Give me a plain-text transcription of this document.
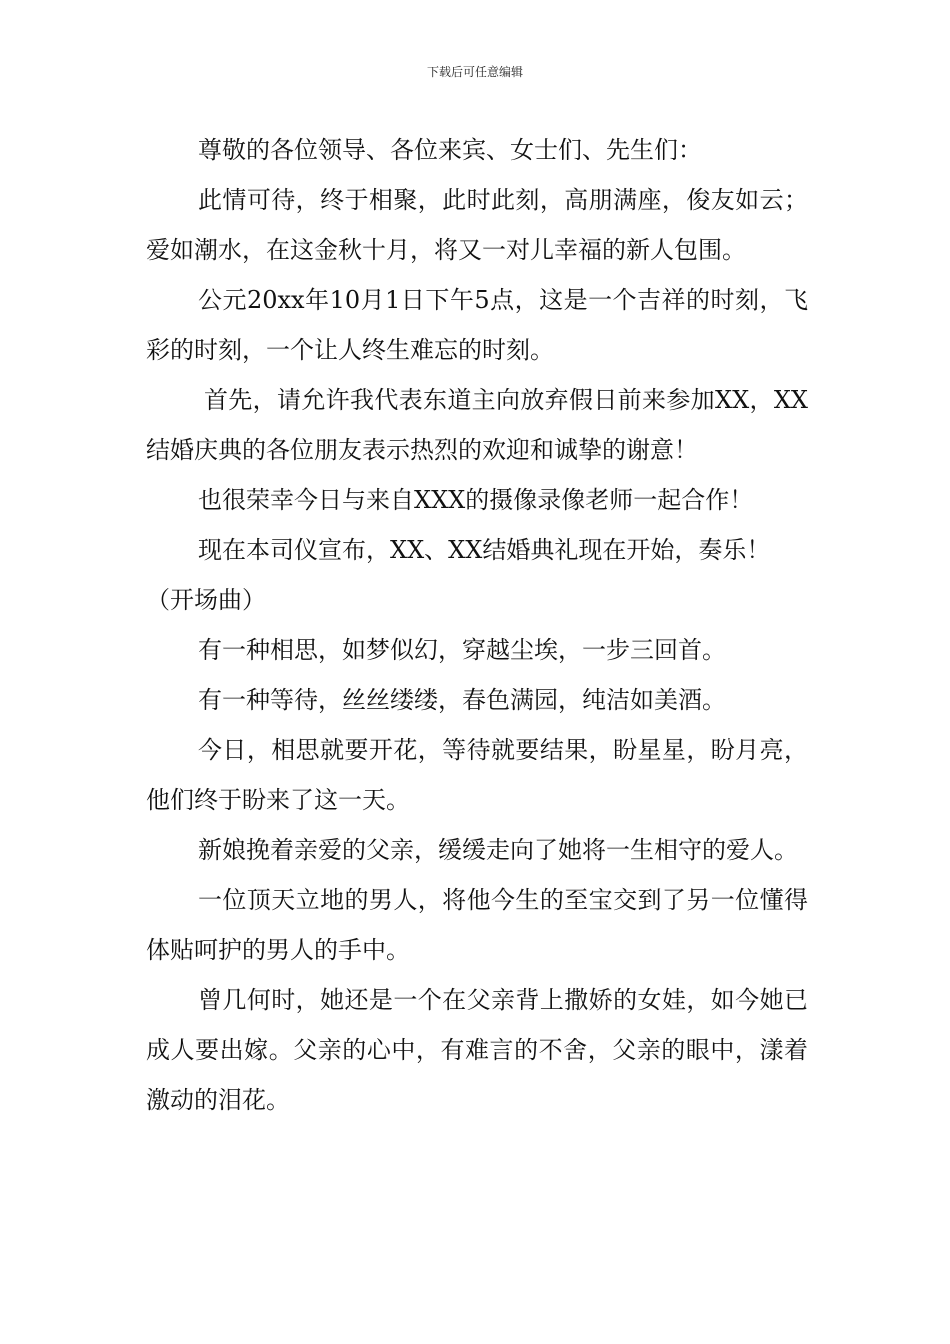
下载后可任意编辑

尊敬的各位领导、各位来宾、女士们、先生们：

此情可待，终于相聚，此时此刻，高朋满座，俊友如云；爱如潮水，在这金秋十月，将又一对儿幸福的新人包围。

公元20xx年10月1日下午5点，这是一个吉祥的时刻，飞彩的时刻，一个让人终生难忘的时刻。

首先，请允许我代表东道主向放弃假日前来参加XX，XX结婚庆典的各位朋友表示热烈的欢迎和诚挚的谢意！

也很荣幸今日与来自XXX的摄像录像老师一起合作！

现在本司仪宣布，XX、XX结婚典礼现在开始，奏乐！

（开场曲）

有一种相思，如梦似幻，穿越尘埃，一步三回首。

有一种等待，丝丝缕缕，春色满园，纯洁如美酒。

今日，相思就要开花，等待就要结果，盼星星，盼月亮，他们终于盼来了这一天。

新娘挽着亲爱的父亲，缓缓走向了她将一生相守的爱人。

一位顶天立地的男人，将他今生的至宝交到了另一位懂得体贴呵护的男人的手中。

曾几何时，她还是一个在父亲背上撒娇的女娃，如今她已成人要出嫁。父亲的心中，有难言的不舍，父亲的眼中，漾着激动的泪花。
